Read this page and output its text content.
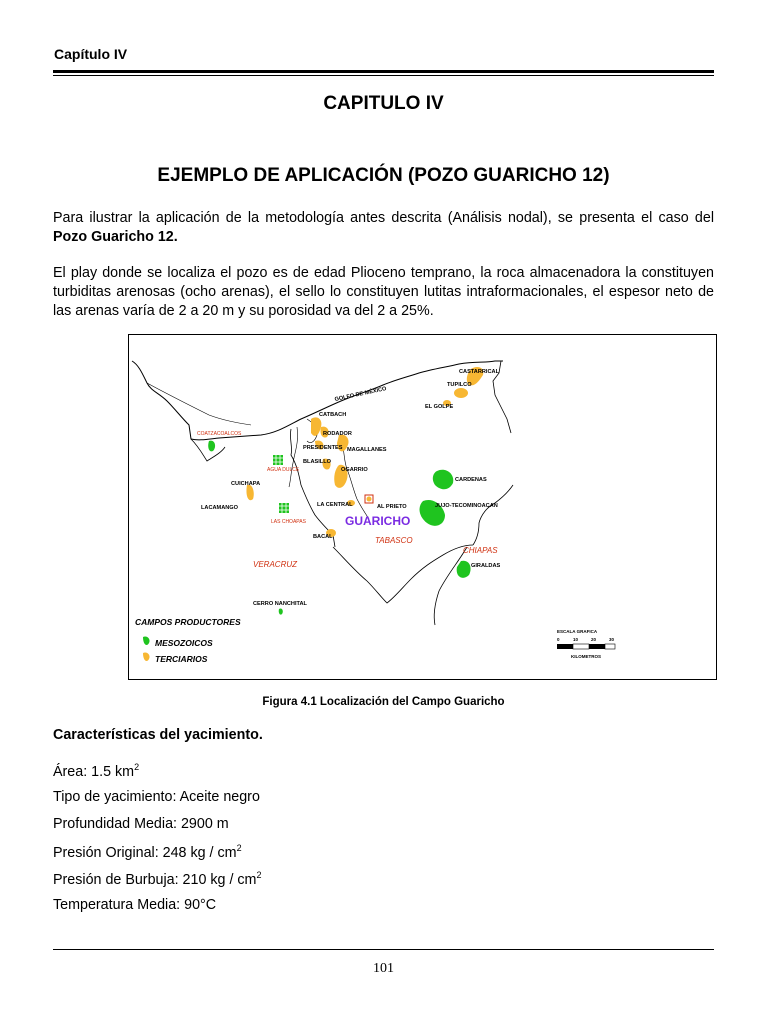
Capítulo IV
CAPITULO IV
EJEMPLO DE APLICACIÓN (POZO GUARICHO 12)
Para ilustrar la aplicación de la metodología antes descrita (Análisis nodal), se presenta el caso del Pozo Guaricho 12.
El play donde se localiza el pozo es de edad Plioceno temprano, la roca almacenadora la constituyen turbiditas arenosas (ocho arenas), el sello lo constituyen lutitas intraformacionales, el espesor neto de las arenas varía de 2 a 20 m y su porosidad va del 2 a 25%.
GOLFO DE MÉXICO
CASTARRICAL
TUPILCO
EL GOLPE
CATBACH
RODADOR
PRESIDENTES MAGALLANES
BLASILLO
OGARRIO
CARDENAS
CUICHAPA
LACAMANGO	LA CENTRAL	AL PRIETO	JUJO-TECOMINOACAN
BACAL
GIRALDAS
CERRO NANCHITAL
COATZACOALCOS
AGUA DULCE
LAS CHOAPAS	GUARICHO
VERACRUZ
TABASCO
CHIAPAS
CAMPOS PRODUCTORES
MESOZOICOS
TERCIARIOS
ESCALA GRAFICA
0	10	20	30
KILOMETROS
Figura 4.1 Localización del Campo Guaricho
Características del yacimiento.
Área: 1.5 $km^2$
Tipo de yacimiento: Aceite negro
Profundidad Media: 2900 m
Presión Original: 248 kg / $cm^2$
Presión de Burbuja: 210 kg / $cm^2$
Temperatura Media: 90°C
101
